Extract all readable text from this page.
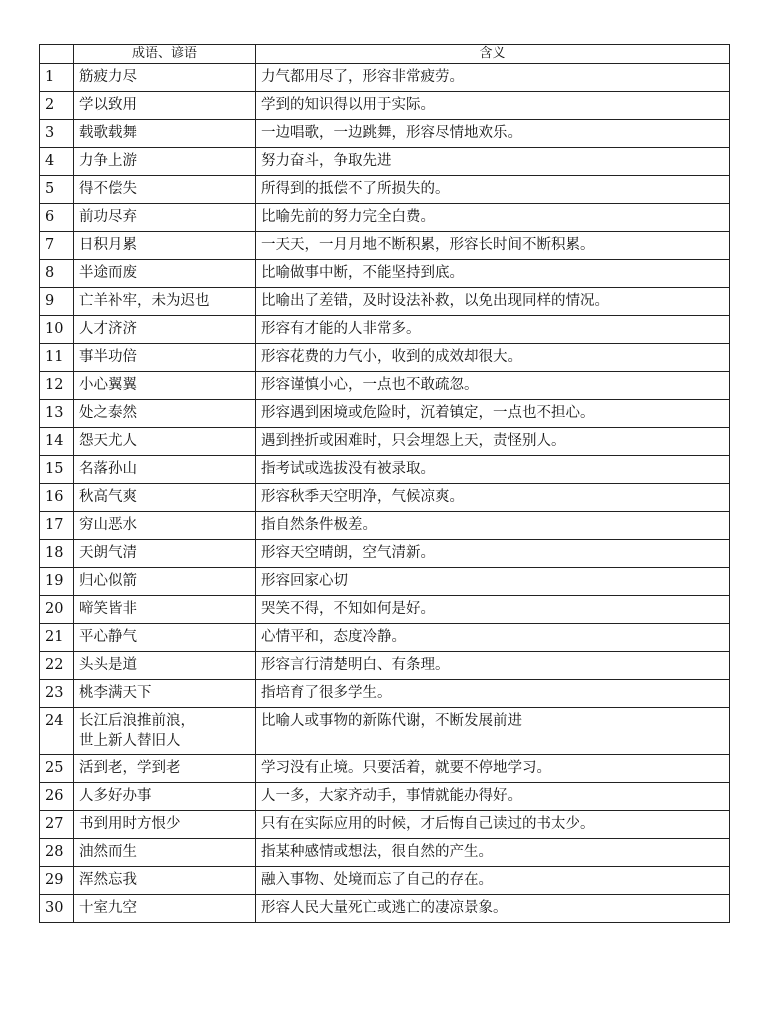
	成语、谚语	含义
1	筋疲力尽	力气都用尽了，形容非常疲劳。
2	学以致用	学到的知识得以用于实际。
3	载歌载舞	一边唱歌，一边跳舞，形容尽情地欢乐。
4	力争上游	努力奋斗，争取先进
5	得不偿失	所得到的抵偿不了所损失的。
6	前功尽弃	比喻先前的努力完全白费。
7	日积月累	一天天，一月月地不断积累，形容长时间不断积累。
8	半途而废	比喻做事中断，不能坚持到底。
9	亡羊补牢，未为迟也	比喻出了差错，及时设法补救，以免出现同样的情况。
10	人才济济	形容有才能的人非常多。
11	事半功倍	形容花费的力气小，收到的成效却很大。
12	小心翼翼	形容谨慎小心，一点也不敢疏忽。
13	处之泰然	形容遇到困境或危险时，沉着镇定，一点也不担心。
14	怨天尤人	遇到挫折或困难时，只会埋怨上天，责怪别人。
15	名落孙山	指考试或选拔没有被录取。
16	秋高气爽	形容秋季天空明净，气候凉爽。
17	穷山恶水	指自然条件极差。
18	天朗气清	形容天空晴朗，空气清新。
19	归心似箭	形容回家心切
20	啼笑皆非	哭笑不得，不知如何是好。
21	平心静气	心情平和，态度冷静。
22	头头是道	形容言行清楚明白、有条理。
23	桃李满天下	指培育了很多学生。
24	长江后浪推前浪，
世上新人替旧人	比喻人或事物的新陈代谢，不断发展前进
25	活到老，学到老	学习没有止境。只要活着，就要不停地学习。
26	人多好办事	人一多，大家齐动手，事情就能办得好。
27	书到用时方恨少	只有在实际应用的时候，才后悔自己读过的书太少。
28	油然而生	指某种感情或想法，很自然的产生。
29	浑然忘我	融入事物、处境而忘了自己的存在。
30	十室九空	形容人民大量死亡或逃亡的凄凉景象。
